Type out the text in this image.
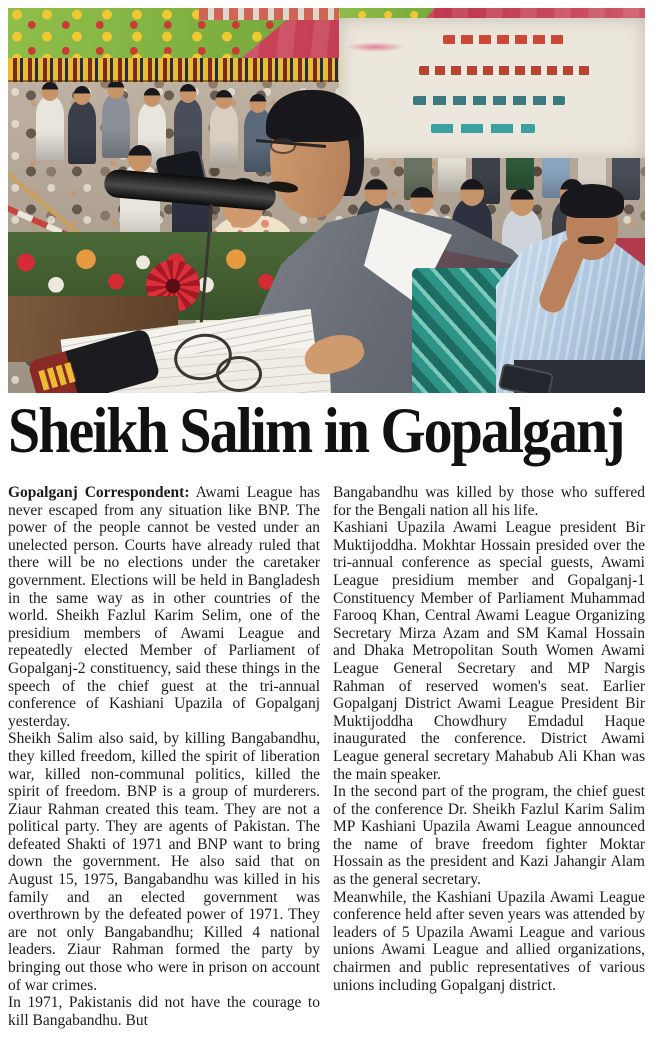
Sheikh Salim in Gopalganj

Gopalganj Correspondent: Awami League has never escaped from any situation like BNP. The power of the people cannot be vested under an unelected person. Courts have already ruled that there will be no elections under the caretaker government. Elections will be held in Bangladesh in the same way as in other countries of the world. Sheikh Fazlul Karim Selim, one of the presidium members of Awami League and repeatedly elected Member of Parliament of Gopalganj-2 constituency, said these things in the speech of the chief guest at the tri-annual conference of Kashiani Upazila of Gopalganj yesterday.

Sheikh Salim also said, by killing Bangabandhu, they killed freedom, killed the spirit of liberation war, killed non-communal politics, killed the spirit of freedom. BNP is a group of murderers. Ziaur Rahman created this team. They are not a political party. They are agents of Pakistan. The defeated Shakti of 1971 and BNP want to bring down the government. He also said that on August 15, 1975, Bangabandhu was killed in his family and an elected government was overthrown by the defeated power of 1971. They are not only Bangabandhu; Killed 4 national leaders. Ziaur Rahman formed the party by bringing out those who were in prison on account of war crimes.

In 1971, Pakistanis did not have the courage to kill Bangabandhu. But

Bangabandhu was killed by those who suffered for the Bengali nation all his life.

Kashiani Upazila Awami League president Bir Muktijoddha. Mokhtar Hossain presided over the tri-annual conference as special guests, Awami League presidium member and Gopalganj-1 Constituency Member of Parliament Muhammad Farooq Khan, Central Awami League Organizing Secretary Mirza Azam and SM Kamal Hossain and Dhaka Metropolitan South Women Awami League General Secretary and MP Nargis Rahman of reserved women's seat. Earlier Gopalganj District Awami League President Bir Muktijoddha Chowdhury Emdadul Haque inaugurated the conference. District Awami League general secretary Mahabub Ali Khan was the main speaker.

In the second part of the program, the chief guest of the conference Dr. Sheikh Fazlul Karim Salim MP Kashiani Upazila Awami League announced the name of brave freedom fighter Moktar Hossain as the president and Kazi Jahangir Alam as the general secretary.

Meanwhile, the Kashiani Upazila Awami League conference held after seven years was attended by leaders of 5 Upazila Awami League and various unions Awami League and allied organizations, chairmen and public representatives of various unions including Gopalganj district.
